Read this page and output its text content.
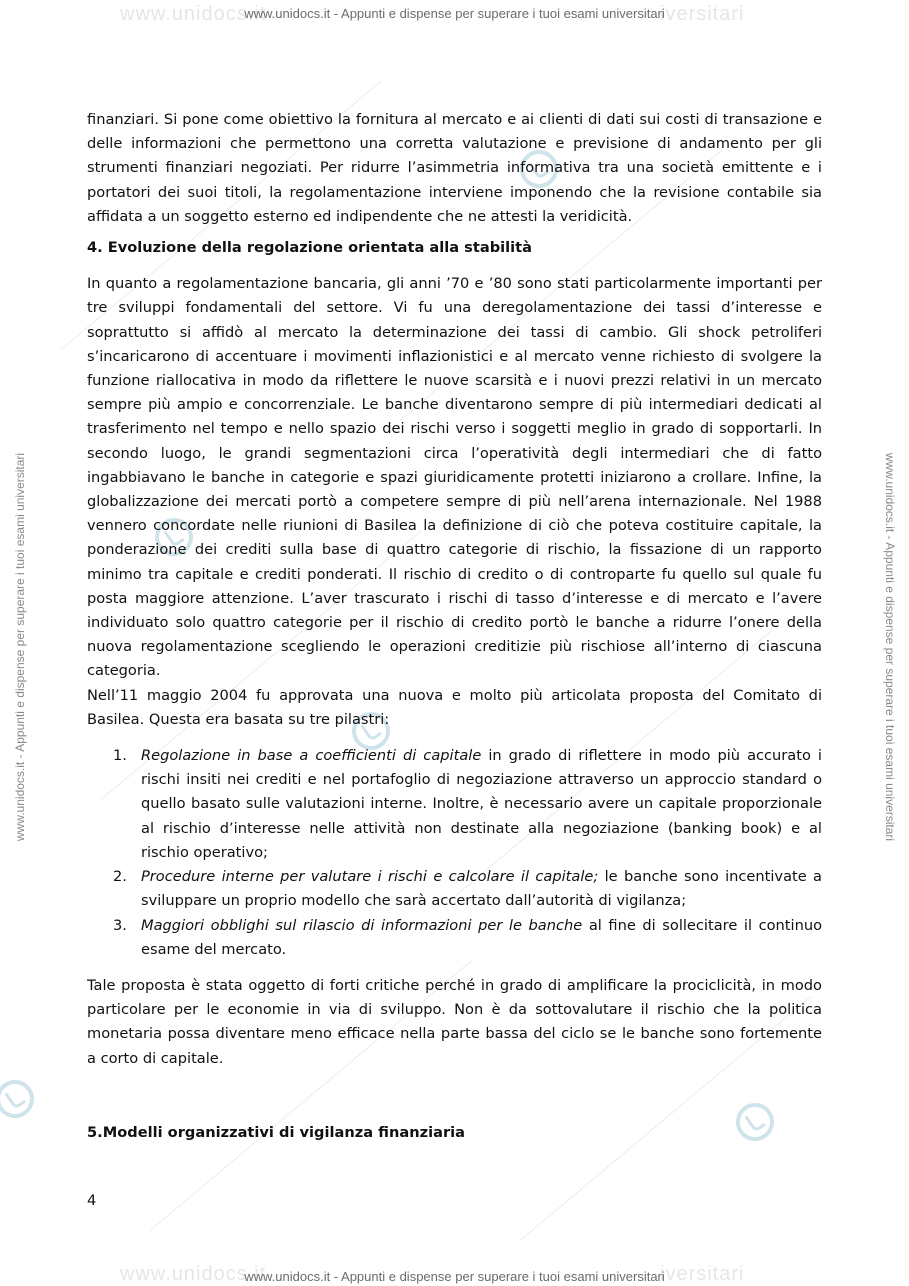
www.unidocs.it	iversitari
www.unidocs.it	iversitari
www.unidocs.it - Appunti e dispense per superare i tuoi esami universitari
www.unidocs.it - Appunti e dispense per superare i tuoi esami universitari
www.unidocs.it - Appunti e dispense per superare i tuoi esami universitari	www.unidocs.it - Appunti e dispense per superare i tuoi esami universitari

finanziari. Si pone come obiettivo la fornitura al mercato e ai clienti di dati sui costi di transazione e delle informazioni che permettono una corretta valutazione e previsione di andamento per gli strumenti finanziari negoziati. Per ridurre l’asimmetria informativa tra una società emittente e i portatori dei suoi titoli, la regolamentazione interviene imponendo che la revisione contabile sia affidata a un soggetto esterno ed indipendente che ne attesti la veridicità.

4. Evoluzione della regolazione orientata alla stabilità

In quanto a regolamentazione bancaria, gli anni ’70 e ’80 sono stati particolarmente importanti per tre sviluppi fondamentali del settore. Vi fu una deregolamentazione dei tassi d’interesse e soprattutto si affidò al mercato la determinazione dei tassi di cambio. Gli shock petroliferi s’incaricarono di accentuare i movimenti inflazionistici e al mercato venne richiesto di svolgere la funzione riallocativa in modo da riflettere le nuove scarsità e i nuovi prezzi relativi in un mercato sempre più ampio e concorrenziale. Le banche diventarono sempre di più intermediari dedicati al trasferimento nel tempo e nello spazio dei rischi verso i soggetti meglio in grado di sopportarli. In secondo luogo, le grandi segmentazioni circa l’operatività degli intermediari che di fatto ingabbiavano le banche in categorie e spazi giuridicamente protetti iniziarono a crollare. Infine, la globalizzazione dei mercati portò a competere sempre di più nell’arena internazionale. Nel 1988 vennero concordate nelle riunioni di Basilea la definizione di ciò che poteva costituire capitale, la ponderazione dei crediti sulla base di quattro categorie di rischio, la fissazione di un rapporto minimo tra capitale e crediti ponderati. Il rischio di credito o di controparte fu quello sul quale fu posta maggiore attenzione. L’aver trascurato i rischi di tasso d’interesse e di mercato e l’avere individuato solo quattro categorie per il rischio di credito portò le banche a ridurre l’onere della nuova regolamentazione scegliendo le operazioni creditizie più rischiose all’interno di ciascuna categoria.

Nell’11 maggio 2004 fu approvata una nuova e molto più articolata proposta del Comitato di Basilea. Questa era basata su tre pilastri:

1. Regolazione in base a coefficienti di capitale in grado di riflettere in modo più accurato i rischi insiti nei crediti e nel portafoglio di negoziazione attraverso un approccio standard o quello basato sulle valutazioni interne. Inoltre, è necessario avere un capitale proporzionale al rischio d’interesse nelle attività non destinate alla negoziazione (banking book) e al rischio operativo;
2. Procedure interne per valutare i rischi e calcolare il capitale; le banche sono incentivate a sviluppare un proprio modello che sarà accertato dall’autorità di vigilanza;
3. Maggiori obblighi sul rilascio di informazioni per le banche al fine di sollecitare il continuo esame del mercato.

Tale proposta è stata oggetto di forti critiche perché in grado di amplificare la prociclicità, in modo particolare per le economie in via di sviluppo. Non è da sottovalutare il rischio che la politica monetaria possa diventare meno efficace nella parte bassa del ciclo se le banche sono fortemente a corto di capitale.

5.Modelli organizzativi di vigilanza finanziaria

4
